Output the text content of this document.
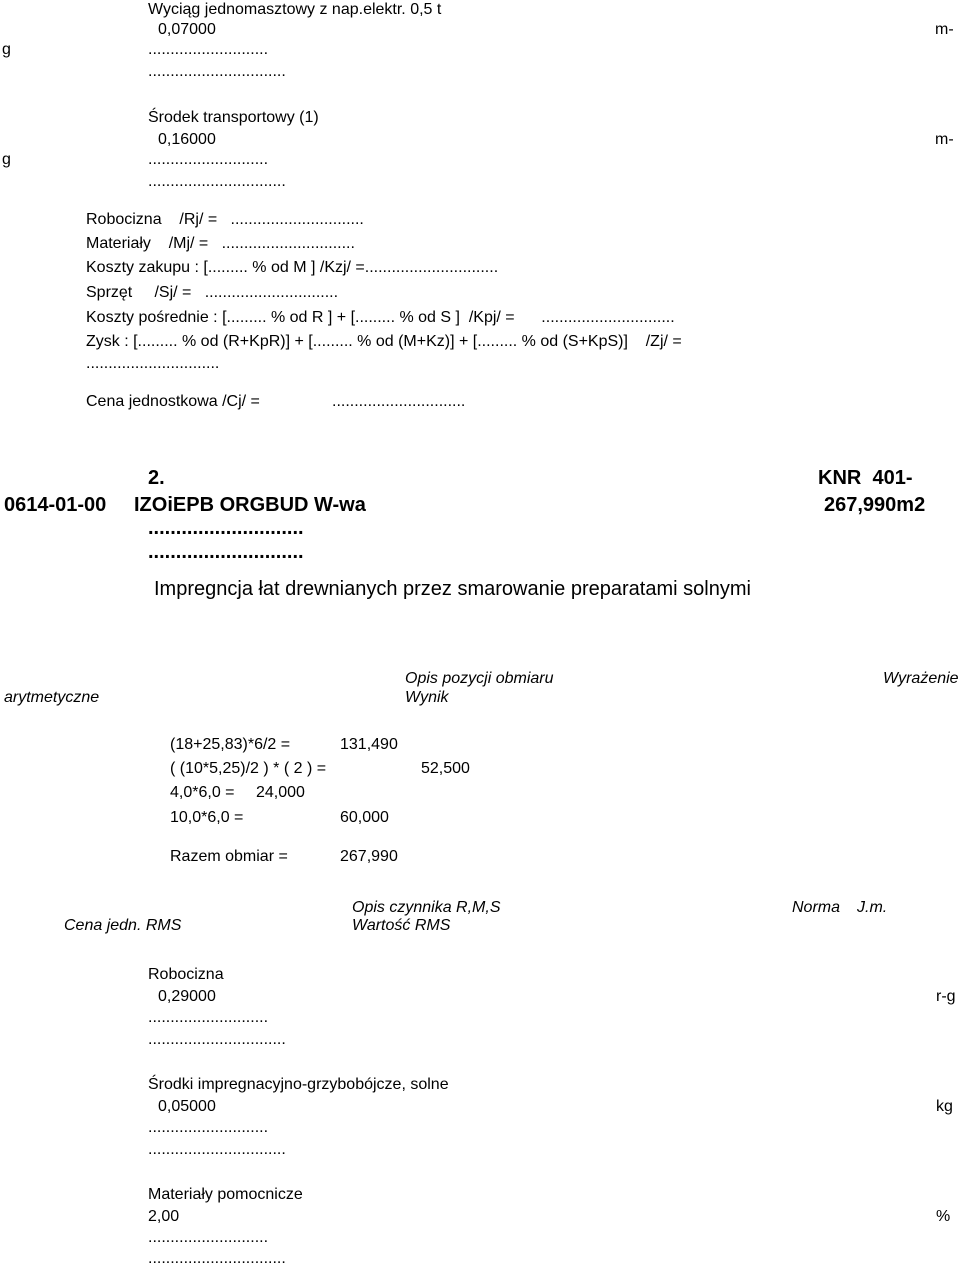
Wyciąg jednomasztowy z nap.elektr. 0,5 t
0,07000	m-
g	...........................
...............................
Środek transportowy (1)
0,16000	m-
g	...........................
...............................
Robocizna    /Rj/ =   ..............................
Materiały    /Mj/ =   ..............................
Koszty zakupu : [......... % od M ] /Kzj/ =..............................
Sprzęt     /Sj/ =   ..............................
Koszty pośrednie : [......... % od R ] + [......... % od S ]  /Kpj/ =      ..............................
Zysk : [......... % od (R+KpR)] + [......... % od (M+Kz)] + [......... % od (S+KpS)]    /Zj/ =
..............................
Cena jednostkowa /Cj/ =	..............................
2.	KNR  401-
0614-01-00 IZOiEPB ORGBUD W-wa	267,990m2
............................
............................
Impregncja łat drewnianych przez smarowanie preparatami solnymi
Opis pozycji obmiaru	Wyrażenie
arytmetyczne	Wynik
(18+25,83)*6/2 =	131,490
( (10*5,25)/2 ) * ( 2 ) =	52,500
4,0*6,0 = 24,000
10,0*6,0 =	60,000
Razem obmiar =	267,990
Opis czynnika R,M,S	Norma J.m.
Cena jedn. RMS	Wartość RMS
Robocizna
0,29000	r-g
...........................
...............................
Środki impregnacyjno-grzybobójcze, solne
0,05000	kg
...........................
...............................
Materiały pomocnicze
2,00	%
...........................
...............................
